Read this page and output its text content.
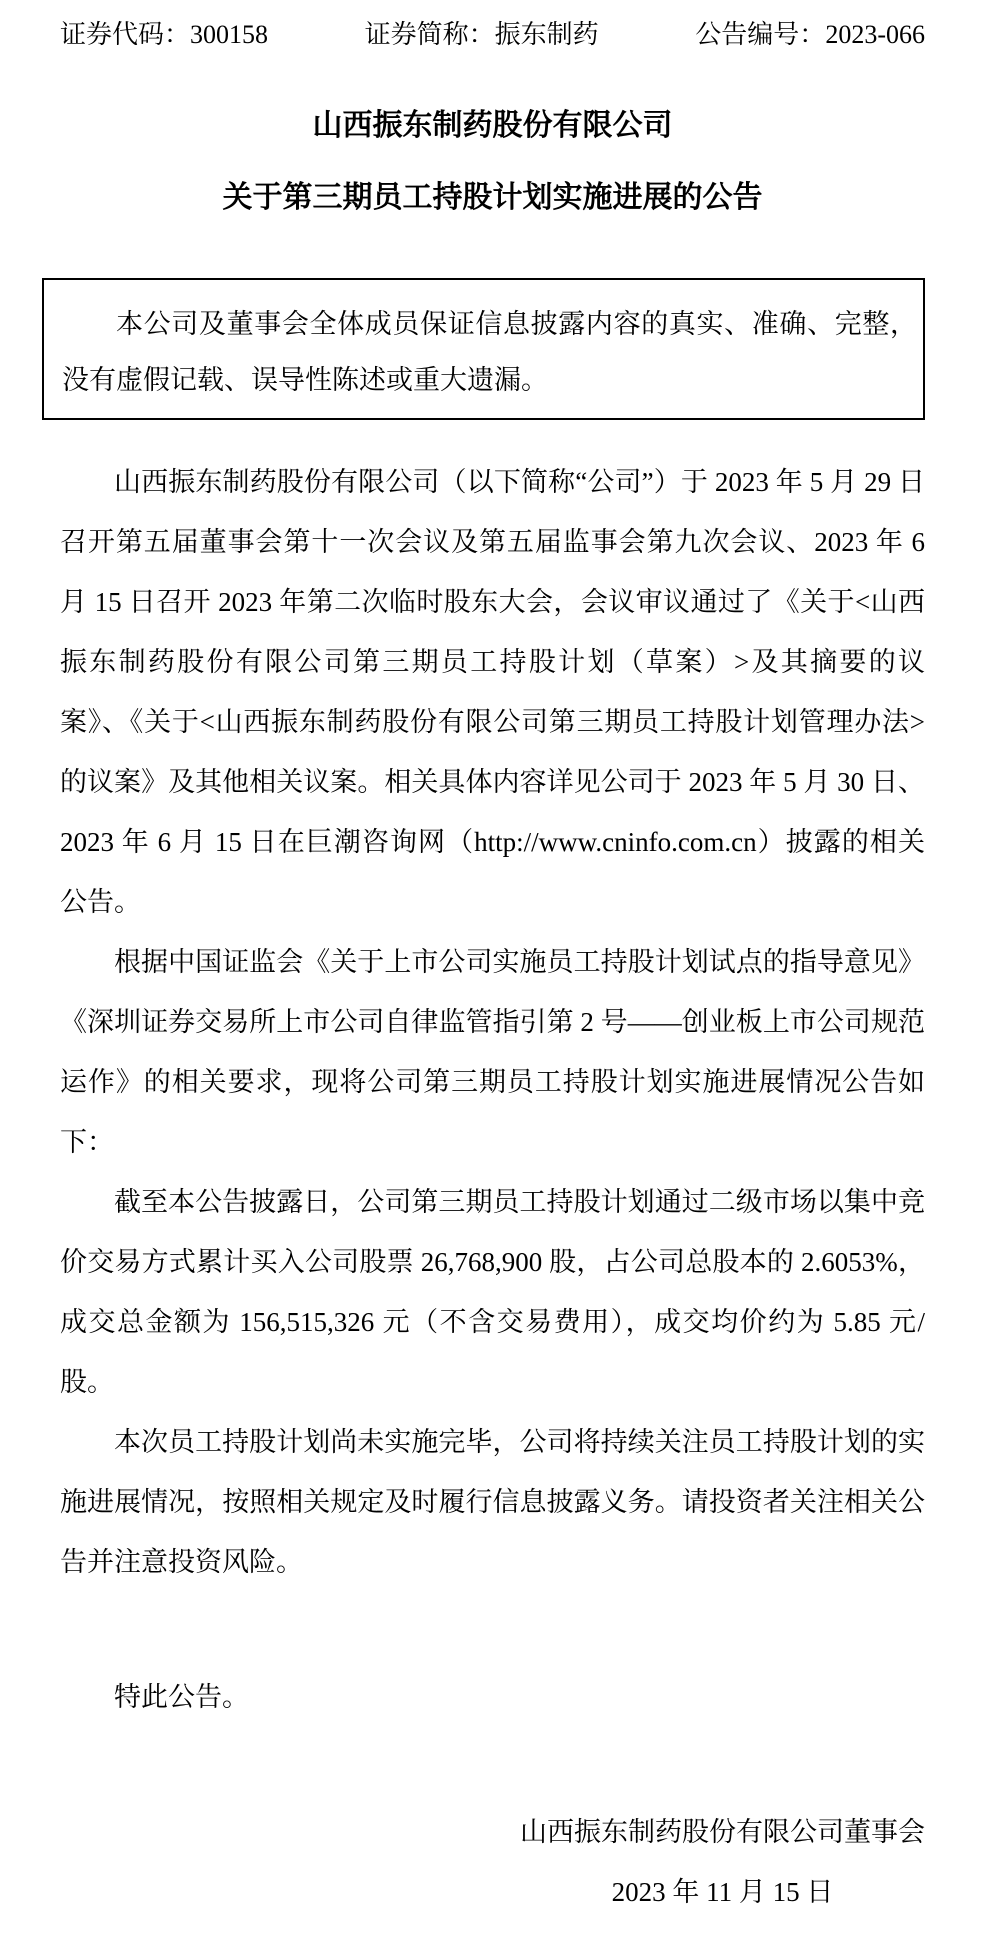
证券代码：300158	证券简称：振东制药	公告编号：2023-066
山西振东制药股份有限公司
关于第三期员工持股计划实施进展的公告

本公司及董事会全体成员保证信息披露内容的真实、准确、完整，没有虚假记载、误导性陈述或重大遗漏。

山西振东制药股份有限公司（以下简称“公司”）于 2023 年 5 月 29 日召开第五届董事会第十一次会议及第五届监事会第九次会议、2023 年 6 月 15 日召开 2023 年第二次临时股东大会，会议审议通过了《关于<山西振东制药股份有限公司第三期员工持股计划（草案）>及其摘要的议案》、《关于<山西振东制药股份有限公司第三期员工持股计划管理办法>的议案》及其他相关议案。相关具体内容详见公司于 2023 年 5 月 30 日、2023 年 6 月 15 日在巨潮咨询网（http://www.cninfo.com.cn）披露的相关公告。

根据中国证监会《关于上市公司实施员工持股计划试点的指导意见》《深圳证券交易所上市公司自律监管指引第 2 号——创业板上市公司规范运作》的相关要求，现将公司第三期员工持股计划实施进展情况公告如下：

截至本公告披露日，公司第三期员工持股计划通过二级市场以集中竞价交易方式累计买入公司股票 26,768,900 股，占公司总股本的 2.6053%，成交总金额为 156,515,326 元（不含交易费用），成交均价约为 5.85 元/股。

本次员工持股计划尚未实施完毕，公司将持续关注员工持股计划的实施进展情况，按照相关规定及时履行信息披露义务。请投资者关注相关公告并注意投资风险。

特此公告。

山西振东制药股份有限公司董事会
2023 年 11 月 15 日
